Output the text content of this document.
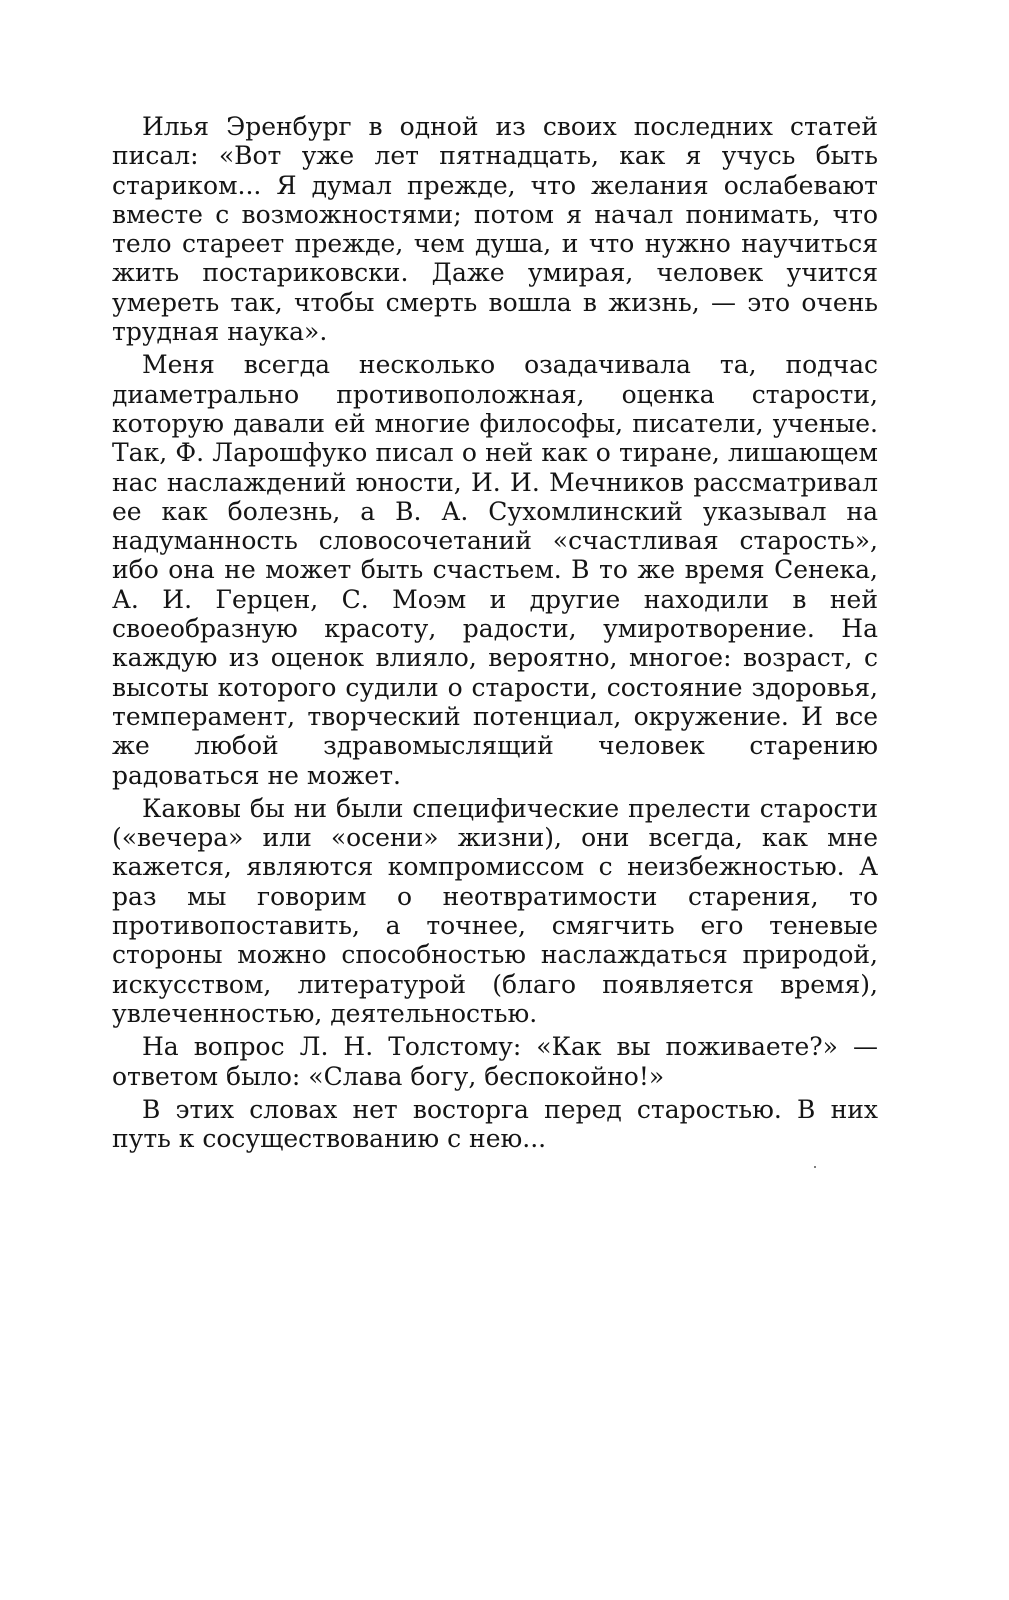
Илья Эренбург в одной из своих последних статей писал: «Вот уже лет пятнадцать, как я учусь быть стариком... Я думал прежде, что желания ослабевают вместе с возможностями; потом я начал понимать, что тело стареет прежде, чем душа, и что нужно научиться жить постариковски. Даже умирая, человек учится умереть так, чтобы смерть вошла в жизнь, — это очень трудная наука».

Меня всегда несколько озадачивала та, подчас диаметрально противоположная, оценка старости, которую давали ей многие философы, писатели, ученые. Так, Ф. Ларошфуко писал о ней как о тиране, лишающем нас наслаждений юности, И. И. Мечников рассматривал ее как болезнь, а В. А. Сухомлинский указывал на надуманность словосочетаний «счастливая старость», ибо она не может быть счастьем. В то же время Сенека, А. И. Герцен, С. Моэм и другие находили в ней своеобразную красоту, радости, умиротворение. На каждую из оценок влияло, вероятно, многое: возраст, с высоты которого судили о старости, состояние здоровья, темперамент, творческий потенциал, окружение. И все же любой здравомыслящий человек старению радоваться не может.

Каковы бы ни были специфические прелести старости («вечера» или «осени» жизни), они всегда, как мне кажется, являются компромиссом с неизбежностью. А раз мы говорим о неотвратимости старения, то противопоставить, а точнее, смягчить его теневые стороны можно способностью наслаждаться природой, искусством, литературой (благо появляется время), увлеченностью, деятельностью.

На вопрос Л. Н. Толстому: «Как вы поживаете?» — ответом было: «Слава богу, беспокойно!»

В этих словах нет восторга перед старостью. В них путь к сосуществованию с нею...
